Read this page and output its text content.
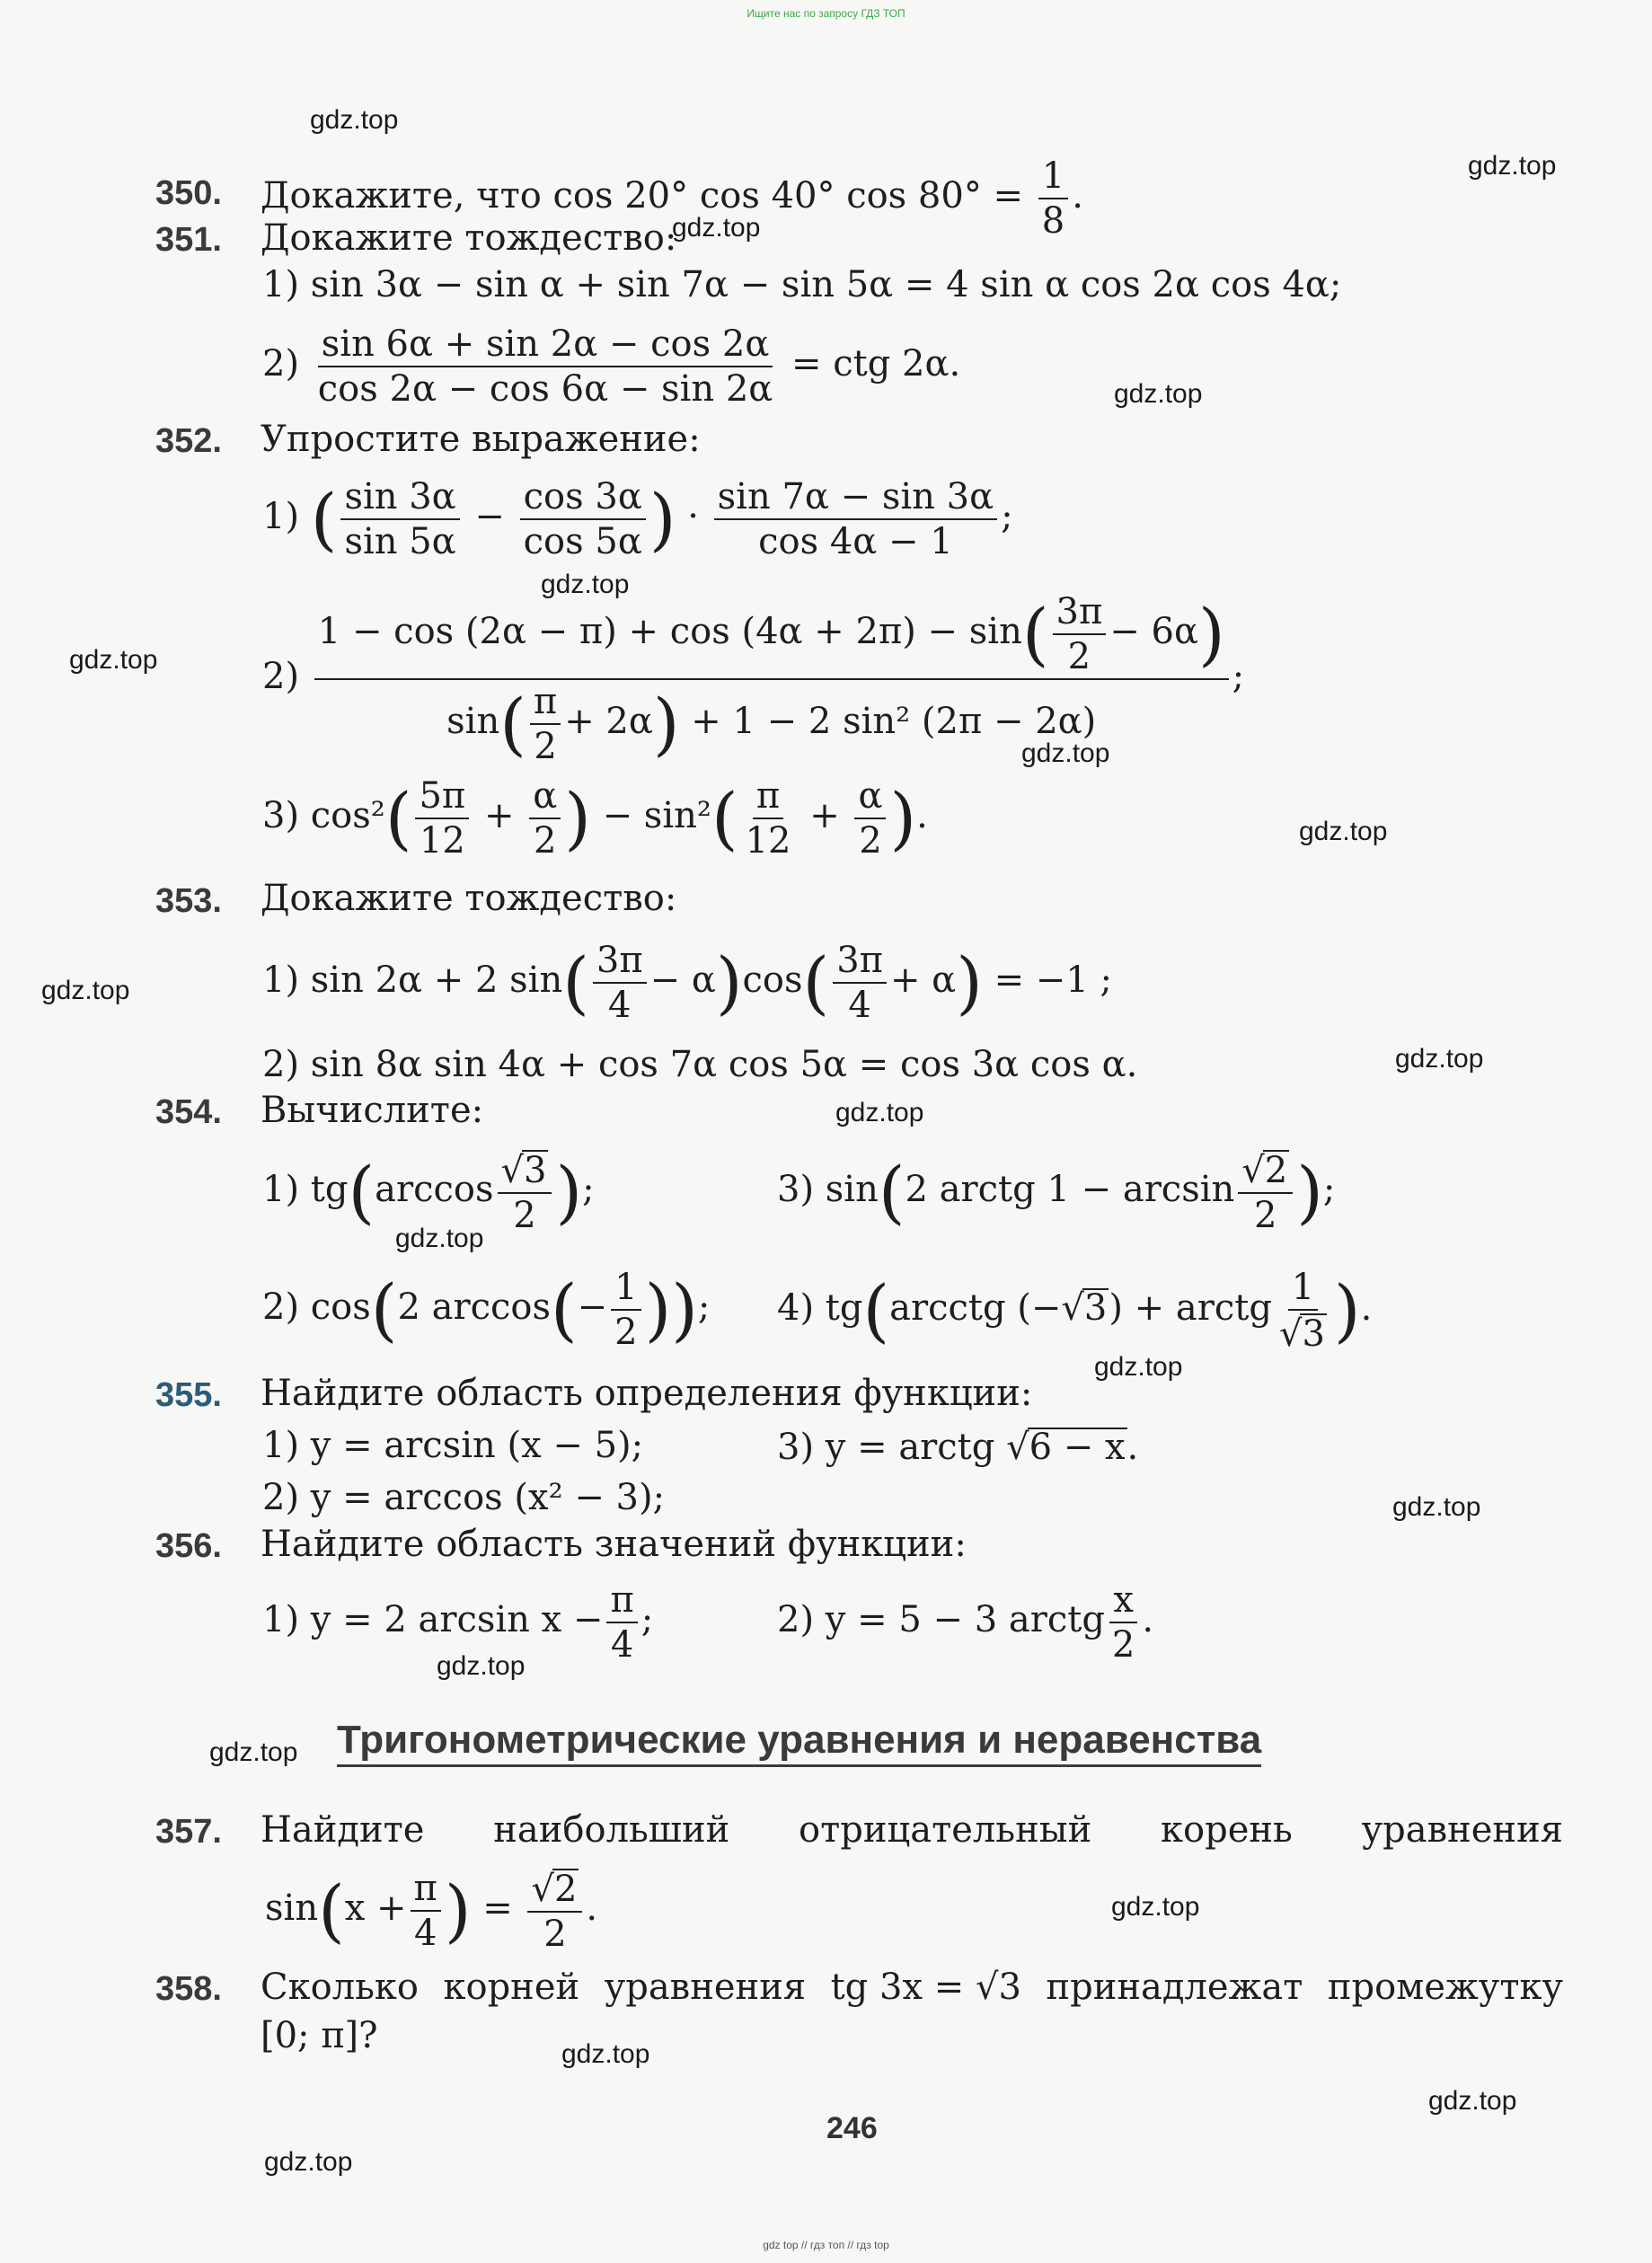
Ищите нас по запросу ГДЗ ТОП
gdz.top
gdz.top
gdz.top
gdz.top
gdz.top
gdz.top
gdz.top
gdz.top
gdz.top
gdz.top
gdz.top
gdz.top
gdz.top
gdz.top
gdz.top
gdz.top
gdz.top
gdz.top
gdz.top
gdz.top
350. Докажите, что cos 20° cos 40° $\cos 80^\circ = \frac{1}{8}$ .
351. Докажите тождество:
1) sin 3α − sin α + sin 7α − sin 5α = 4 sin α cos 2α cos 4α;
$2) \frac{\sin 6\alpha + \sin 2\alpha - \cos 2\alpha}{\cos 2\alpha - \cos 6\alpha - \sin 2\alpha}$ = ctg 2α.
352. Упростите выражение:
1) ( $\frac{\sin 3\alpha}{\sin 5\alpha} - \frac{\cos 3\alpha}{\cos 5\alpha}$ ) · $\frac{\sin 7\alpha - \sin 3\alpha}{\cos 4\alpha - 1}$ ;
$2) \frac{1 - \cos (2\alpha - \pi) + \cos (4\alpha + 2\pi) - \sin( \frac{3\pi}{2} - 6\alpha)}{\sin( \frac{\pi}{2} + 2\alpha) + 1 - 2 \sin^2 (2\pi - 2\alpha)}$ ;
3) $\cos^2( \frac{5\pi}{12} + \frac{\alpha}{2}$ ) − $\sin^2( \frac{\pi}{12} + \frac{\alpha}{2}$ ).
353. Докажите тождество:
1) sin 2α + 2 $\sin( \frac{3\pi}{4} - \alpha)\cos( \frac{3\pi}{4} + \alpha) = -1$ ;
2) sin 8α sin 4α + cos 7α cos 5α = cos 3α cos α.
354. Вычислите:
1) $tg(\arccos \frac{√3}{2}$ );	3) sin(2 arctg $1 - \arcsin \frac{√2}{2}$ );
2) cos(2 $\arccos(- \frac{1}{2}$ )); 4) tg(arcctg (−√3) + arctg $\frac{1}{√3}$ ).
355. Найдите область определения функции:
1) y = arcsin (x − 5);	3) y = arctg √6 − x.
2) y = arccos (x² − 3);
356. Найдите область значений функции:
1) y = 2 $\arcsin x - \frac{\pi}{4}$ ;	2) y = 5 − 3 arctg $\frac{x}{2}$ .
Тригонометрические уравнения и неравенства
357. Найдите наибольший отрицательный корень уравнения
$\sin(x + \frac{\pi}{4}$ ) = $\frac{√2}{2}$ .
358. Сколько корней уравнения tg 3x = √3 принадлежат промежутку
[0; π]?
246
gdz top // гдз топ // гдз top
